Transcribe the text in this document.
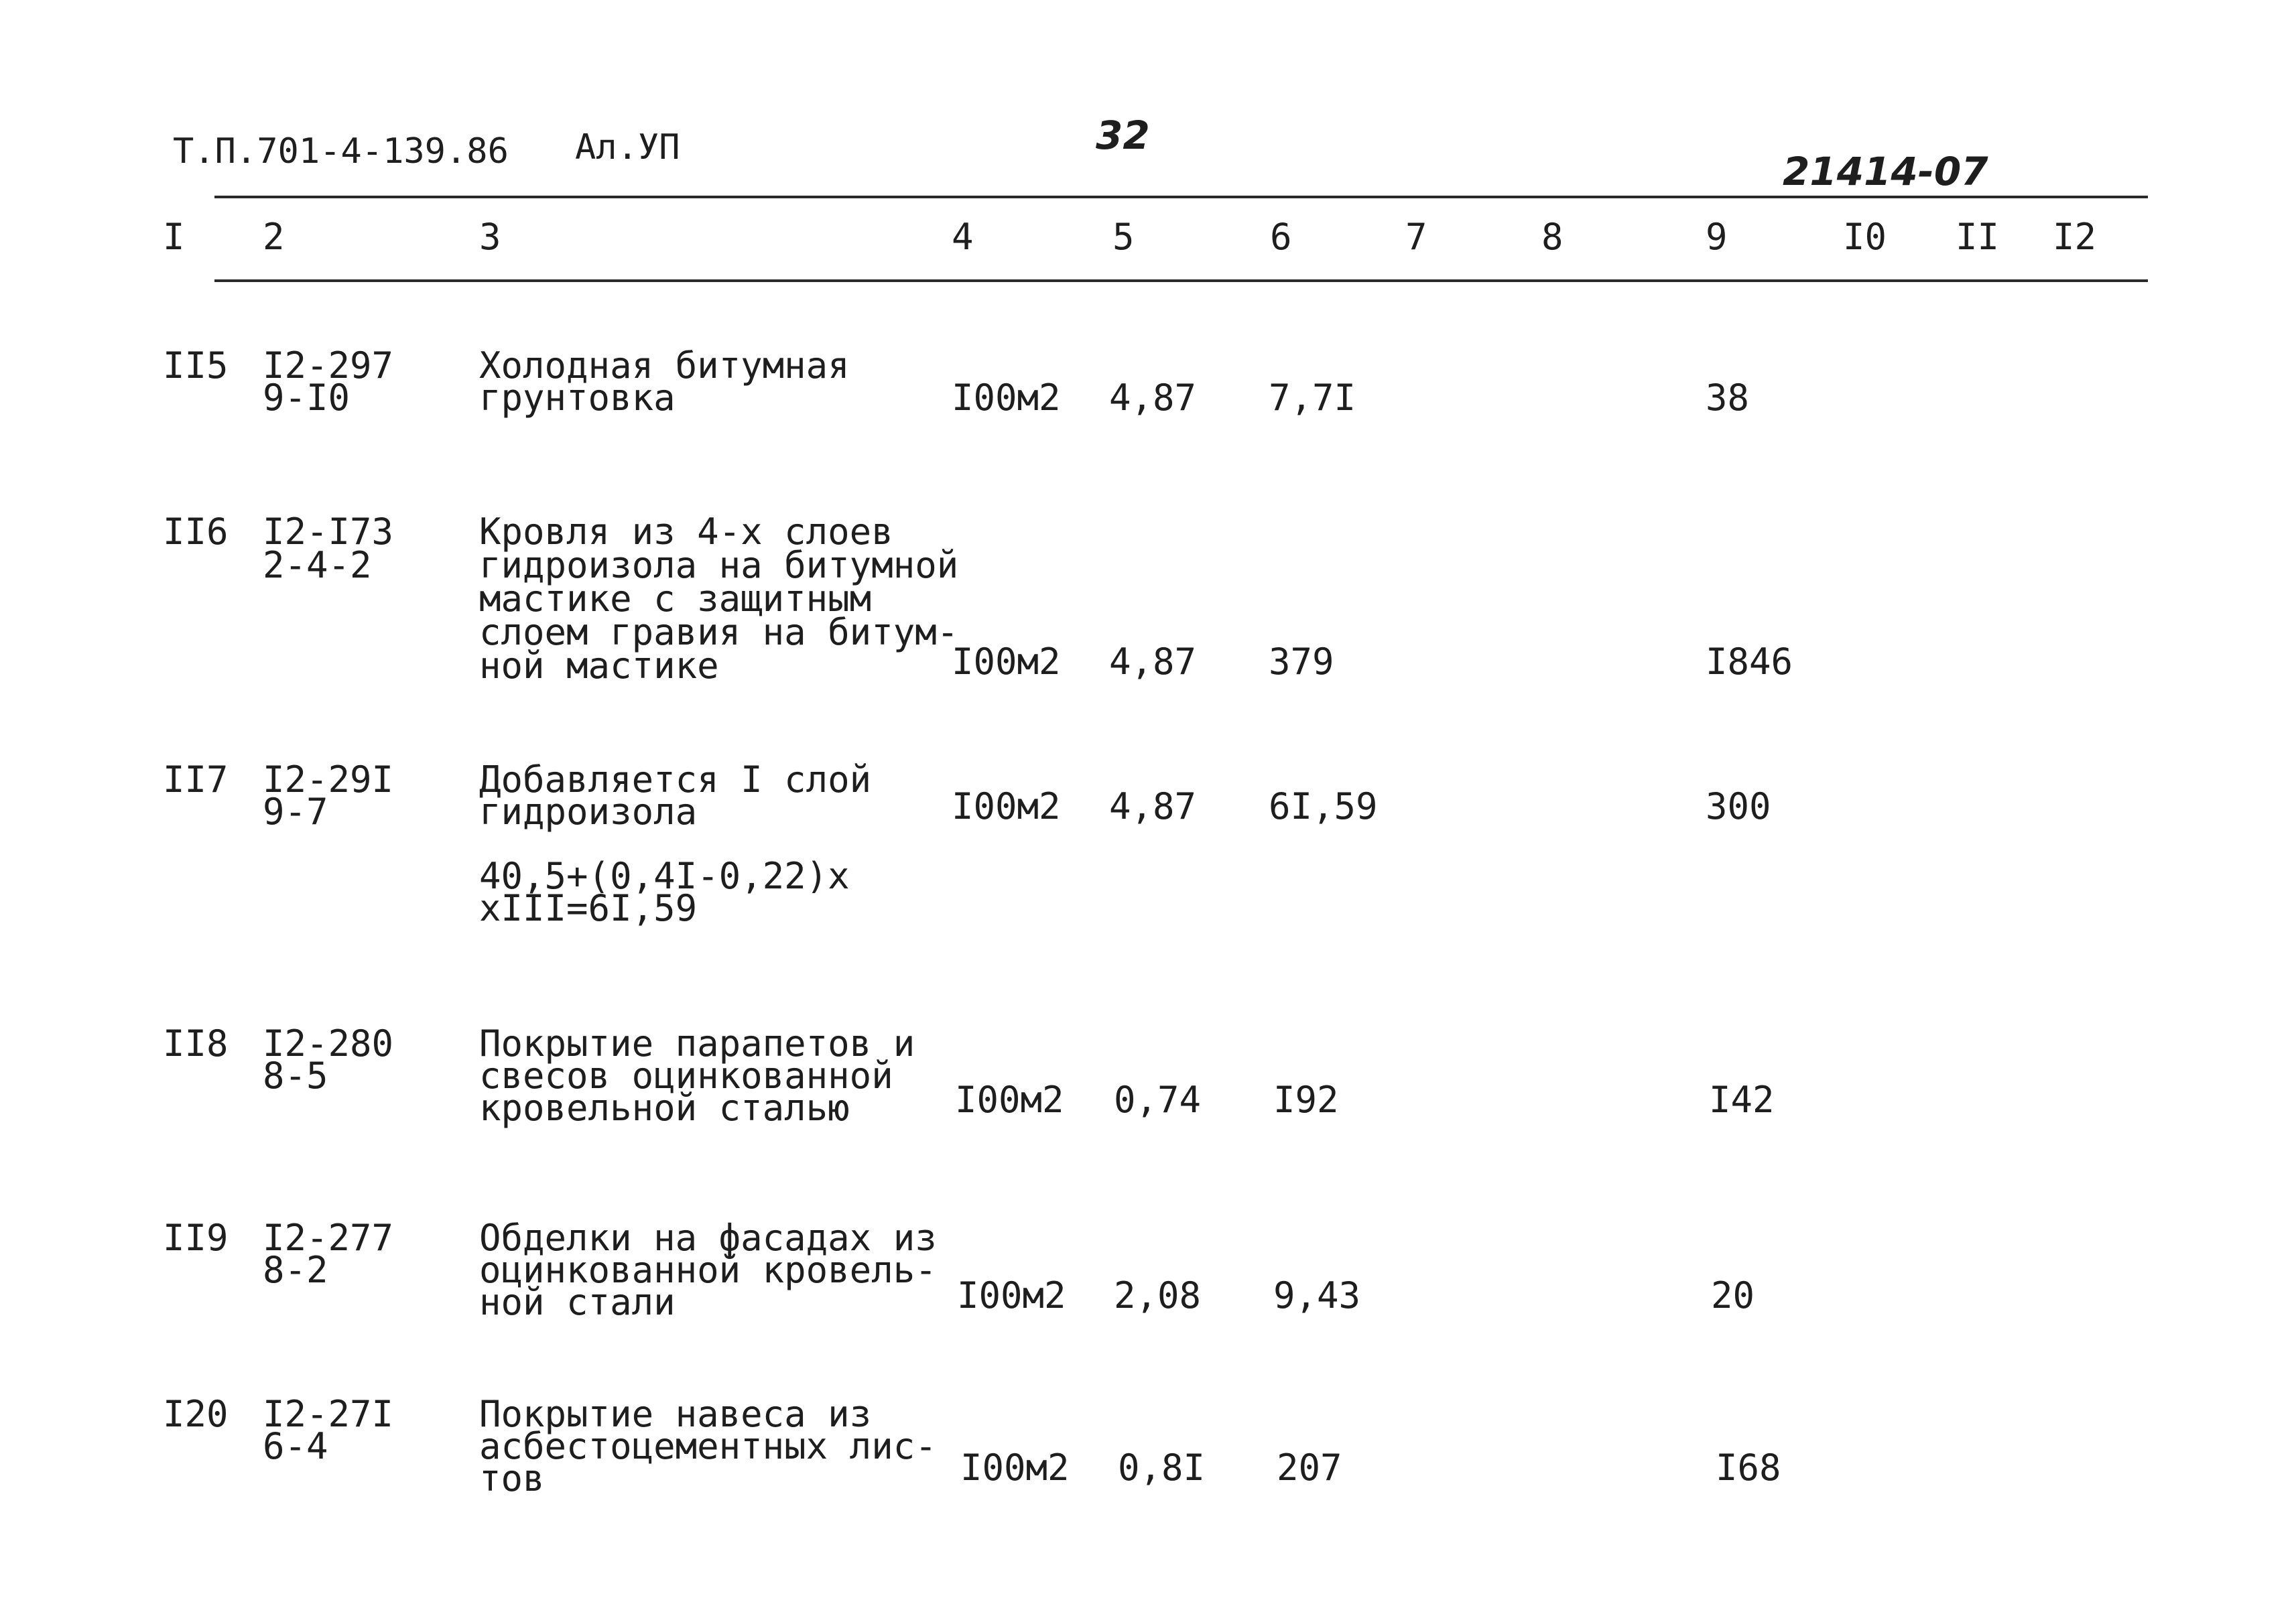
Т.П.701-4-139.86 Ал.УП	32
21414-07
I 2	3	4	5	6	7	8	9	I0 II I2
II5 I2-297
9-I0
Холодная битумная
грунтовка	I00м2 4,87 7,7I	38
II6 I2-I73
2-4-2
Кровля из 4-х слоев
гидроизола на битумной
мастике с защитным
слоем гравия на битум-
ной мастике	I00м2 4,87 379	I846
II7 I2-29I
9-7
Добавляется I слой
гидроизола
40,5+(0,4I-0,22)x
xIII=6I,59
I00м2 4,87 6I,59	300
II8 I2-280
8-5
Покрытие парапетов и
свесов оцинкованной
кровельной сталью	I00м2 0,74 I92	I42
II9 I2-277
8-2
Обделки на фасадах из
оцинкованной кровель-
ной стали	I00м2 2,08 9,43	20
I20 I2-27I
6-4
Покрытие навеса из
асбестоцементных лис-
тов	I00м2 0,8I 207	I68
